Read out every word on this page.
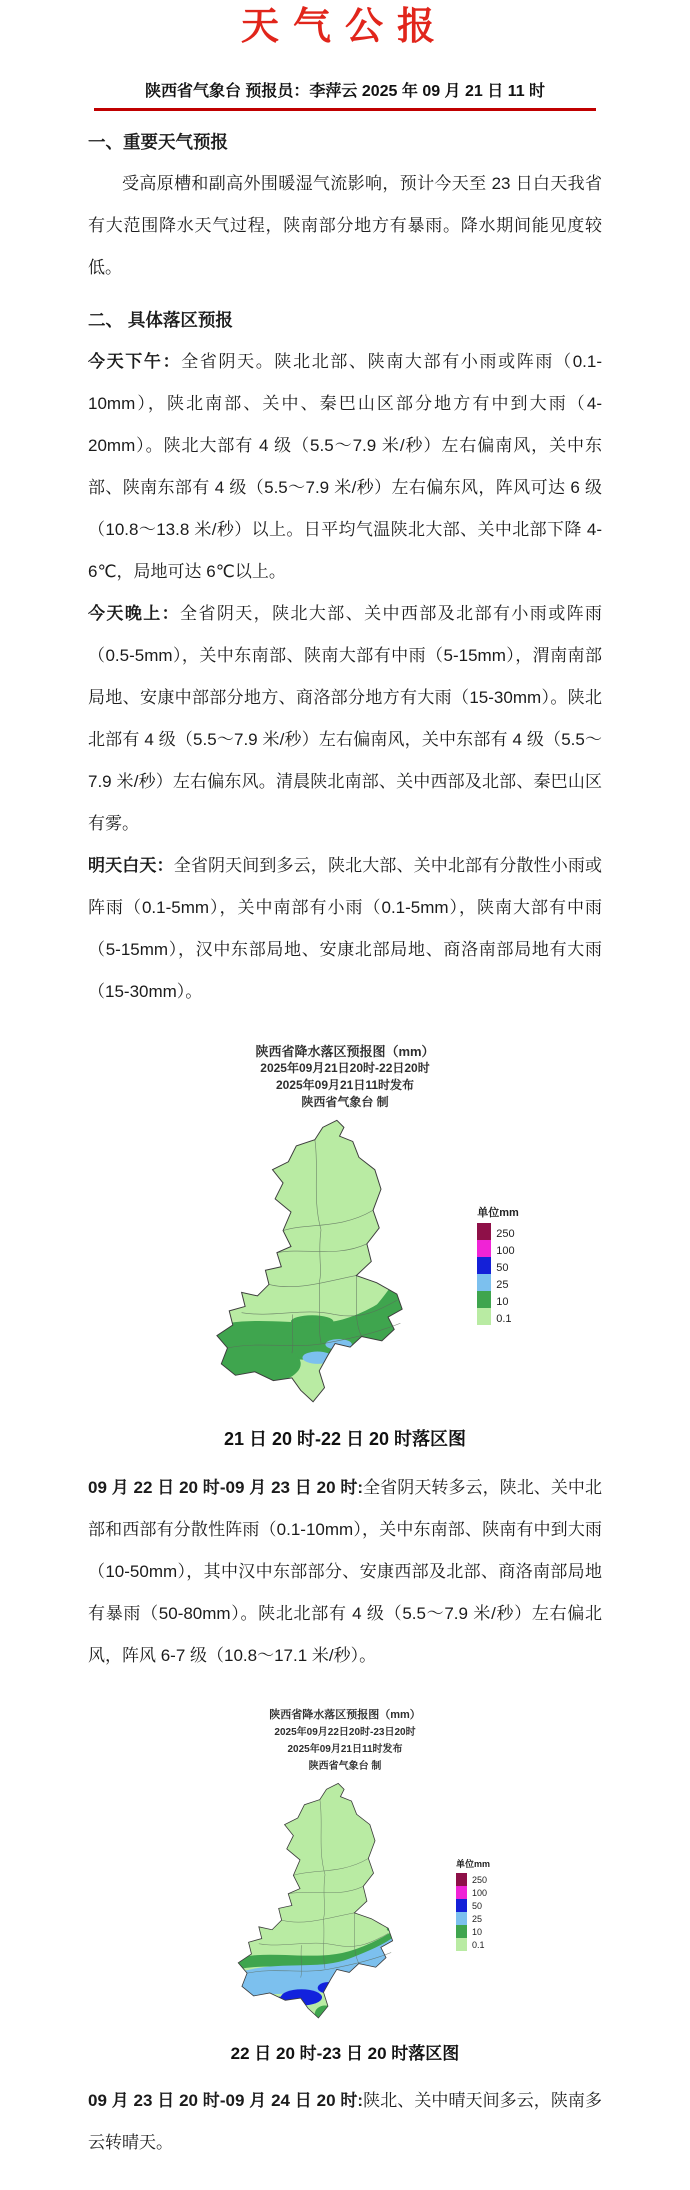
天气公报
陕西省气象台 预报员：李萍云 2025 年 09 月 21 日 11 时
一、重要天气预报

受高原槽和副高外围暖湿气流影响，预计今天至 23 日白天我省有大范围降水天气过程，陕南部分地方有暴雨。降水期间能见度较低。

二、 具体落区预报

今天下午：全省阴天。陕北北部、陕南大部有小雨或阵雨（0.1-10mm），陕北南部、关中、秦巴山区部分地方有中到大雨（4-20mm）。陕北大部有 4 级（5.5～7.9 米/秒）左右偏南风，关中东部、陕南东部有 4 级（5.5～7.9 米/秒）左右偏东风，阵风可达 6 级（10.8～13.8 米/秒）以上。日平均气温陕北大部、关中北部下降 4-6℃，局地可达 6℃以上。

今天晚上：全省阴天，陕北大部、关中西部及北部有小雨或阵雨（0.5-5mm），关中东南部、陕南大部有中雨（5-15mm），渭南南部局地、安康中部部分地方、商洛部分地方有大雨（15-30mm）。陕北北部有 4 级（5.5～7.9 米/秒）左右偏南风，关中东部有 4 级（5.5～7.9 米/秒）左右偏东风。清晨陕北南部、关中西部及北部、秦巴山区有雾。

明天白天：全省阴天间到多云，陕北大部、关中北部有分散性小雨或阵雨（0.1-5mm），关中南部有小雨（0.1-5mm），陕南大部有中雨（5-15mm），汉中东部局地、安康北部局地、商洛南部局地有大雨（15-30mm）。

陕西省降水落区预报图（mm）
2025年09月21日20时-22日20时
2025年09月21日11时发布
陕西省气象台 制
单位mm
250
100
50
25
10
0.1
21 日 20 时-22 日 20 时落区图

09 月 22 日 20 时-09 月 23 日 20 时:全省阴天转多云，陕北、关中北部和西部有分散性阵雨（0.1-10mm），关中东南部、陕南有中到大雨（10-50mm），其中汉中东部部分、安康西部及北部、商洛南部局地有暴雨（50-80mm）。陕北北部有 4 级（5.5～7.9 米/秒）左右偏北风，阵风 6-7 级（10.8～17.1 米/秒）。

陕西省降水落区预报图（mm）
2025年09月22日20时-23日20时
2025年09月21日11时发布
陕西省气象台 制
单位mm
250
100
50
25
10
0.1
22 日 20 时-23 日 20 时落区图

09 月 23 日 20 时-09 月 24 日 20 时:陕北、关中晴天间多云，陕南多云转晴天。
